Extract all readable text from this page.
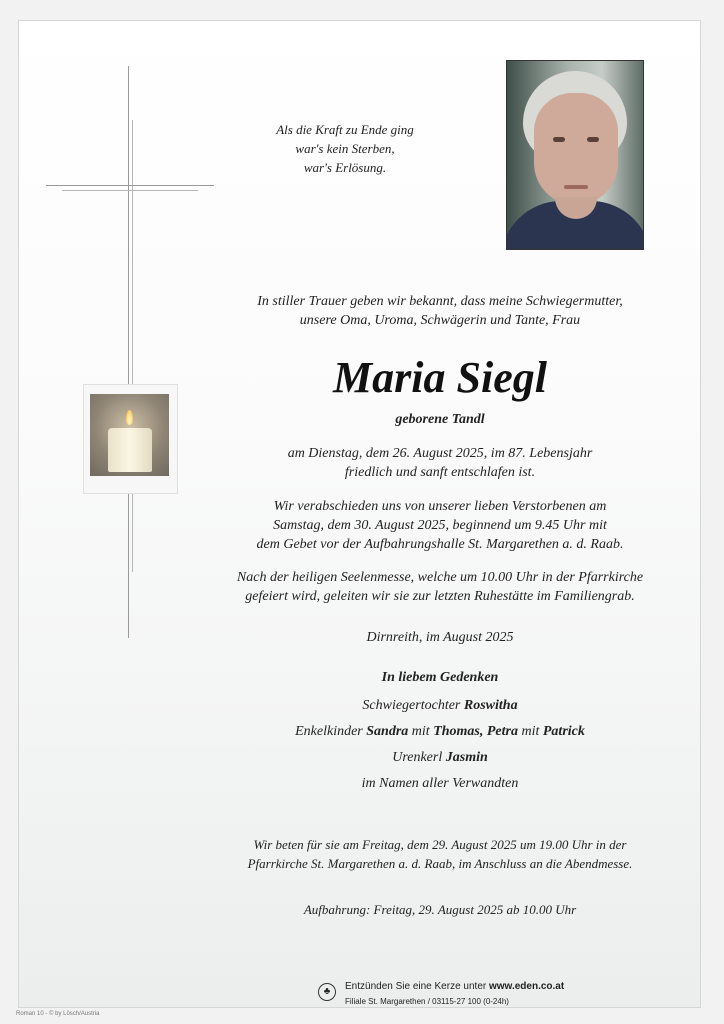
Als die Kraft zu Ende ging
war's kein Sterben,
war's Erlösung.
In stiller Trauer geben wir bekannt, dass meine Schwiegermutter,
unsere Oma, Uroma, Schwägerin und Tante, Frau
Maria Siegl
geborene Tandl
am Dienstag, dem 26. August 2025, im 87. Lebensjahr
friedlich und sanft entschlafen ist.
Wir verabschieden uns von unserer lieben Verstorbenen am
Samstag, dem 30. August 2025, beginnend um 9.45 Uhr mit
dem Gebet vor der Aufbahrungshalle St. Margarethen a. d. Raab.
Nach der heiligen Seelenmesse, welche um 10.00 Uhr in der Pfarrkirche
gefeiert wird, geleiten wir sie zur letzten Ruhestätte im Familiengrab.
Dirnreith, im August 2025
In liebem Gedenken
Schwiegertochter Roswitha
Enkelkinder Sandra mit Thomas, Petra mit Patrick
Urenkerl Jasmin
im Namen aller Verwandten
Wir beten für sie am Freitag, dem 29. August 2025 um 19.00 Uhr in der
Pfarrkirche St. Margarethen a. d. Raab, im Anschluss an die Abendmesse.
Aufbahrung: Freitag, 29. August 2025 ab 10.00 Uhr
♣	Entzünden Sie eine Kerze unter www.eden.co.at
Filiale St. Margarethen / 03115-27 100 (0-24h)
Roman 10 - © by Lösch/Austria
